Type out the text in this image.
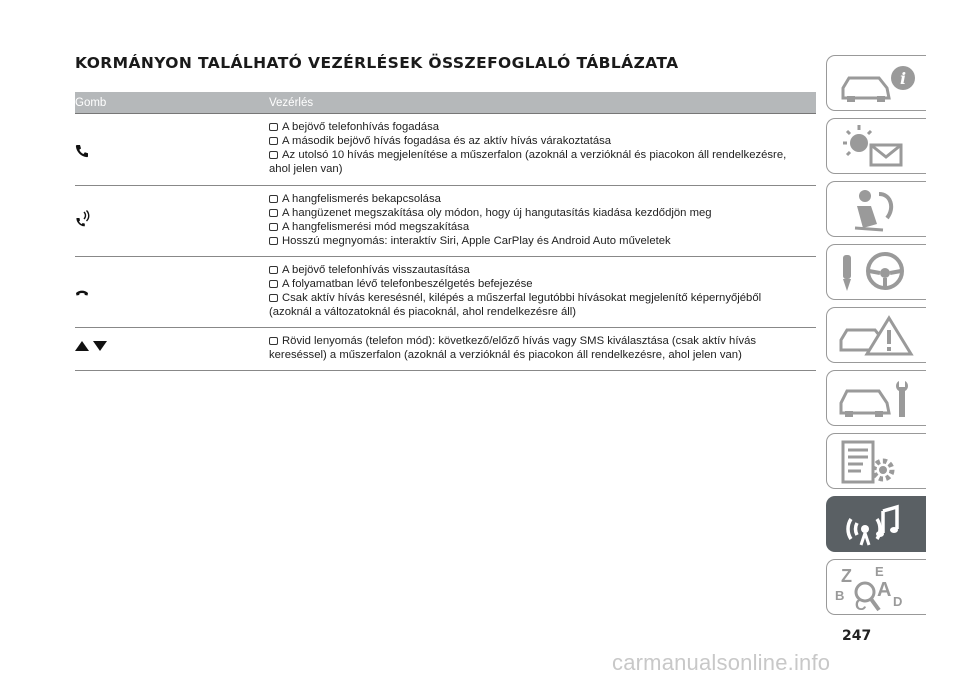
KORMÁNYON TALÁLHATÓ VEZÉRLÉSEK ÖSSZEFOGLALÓ TÁBLÁZATA
Gomb	Vezérlés
A bejövő telefonhívás fogadása
A második bejövő hívás fogadása és az aktív hívás várakoztatása
Az utolsó 10 hívás megjelenítése a műszerfalon (azoknál a verzióknál és piacokon áll rendelkezésre,
ahol jelen van)
A hangfelismerés bekapcsolása
A hangüzenet megszakítása oly módon, hogy új hangutasítás kiadása kezdődjön meg
A hangfelismerési mód megszakítása
Hosszú megnyomás: interaktív Siri, Apple CarPlay és Android Auto műveletek
A bejövő telefonhívás visszautasítása
A folyamatban lévő telefonbeszélgetés befejezése
Csak aktív hívás keresésnél, kilépés a műszerfal legutóbbi hívásokat megjelenítő képernyőjéből
(azoknál a változatoknál és piacoknál, ahol rendelkezésre áll)
Rövid lenyomás (telefon mód): következő/előző hívás vagy SMS kiválasztása (csak aktív hívás
kereséssel) a műszerfalon (azoknál a verzióknál és piacokon áll rendelkezésre, ahol jelen van)
i
Z E
A
B
C D
247
carmanualsonline.info
